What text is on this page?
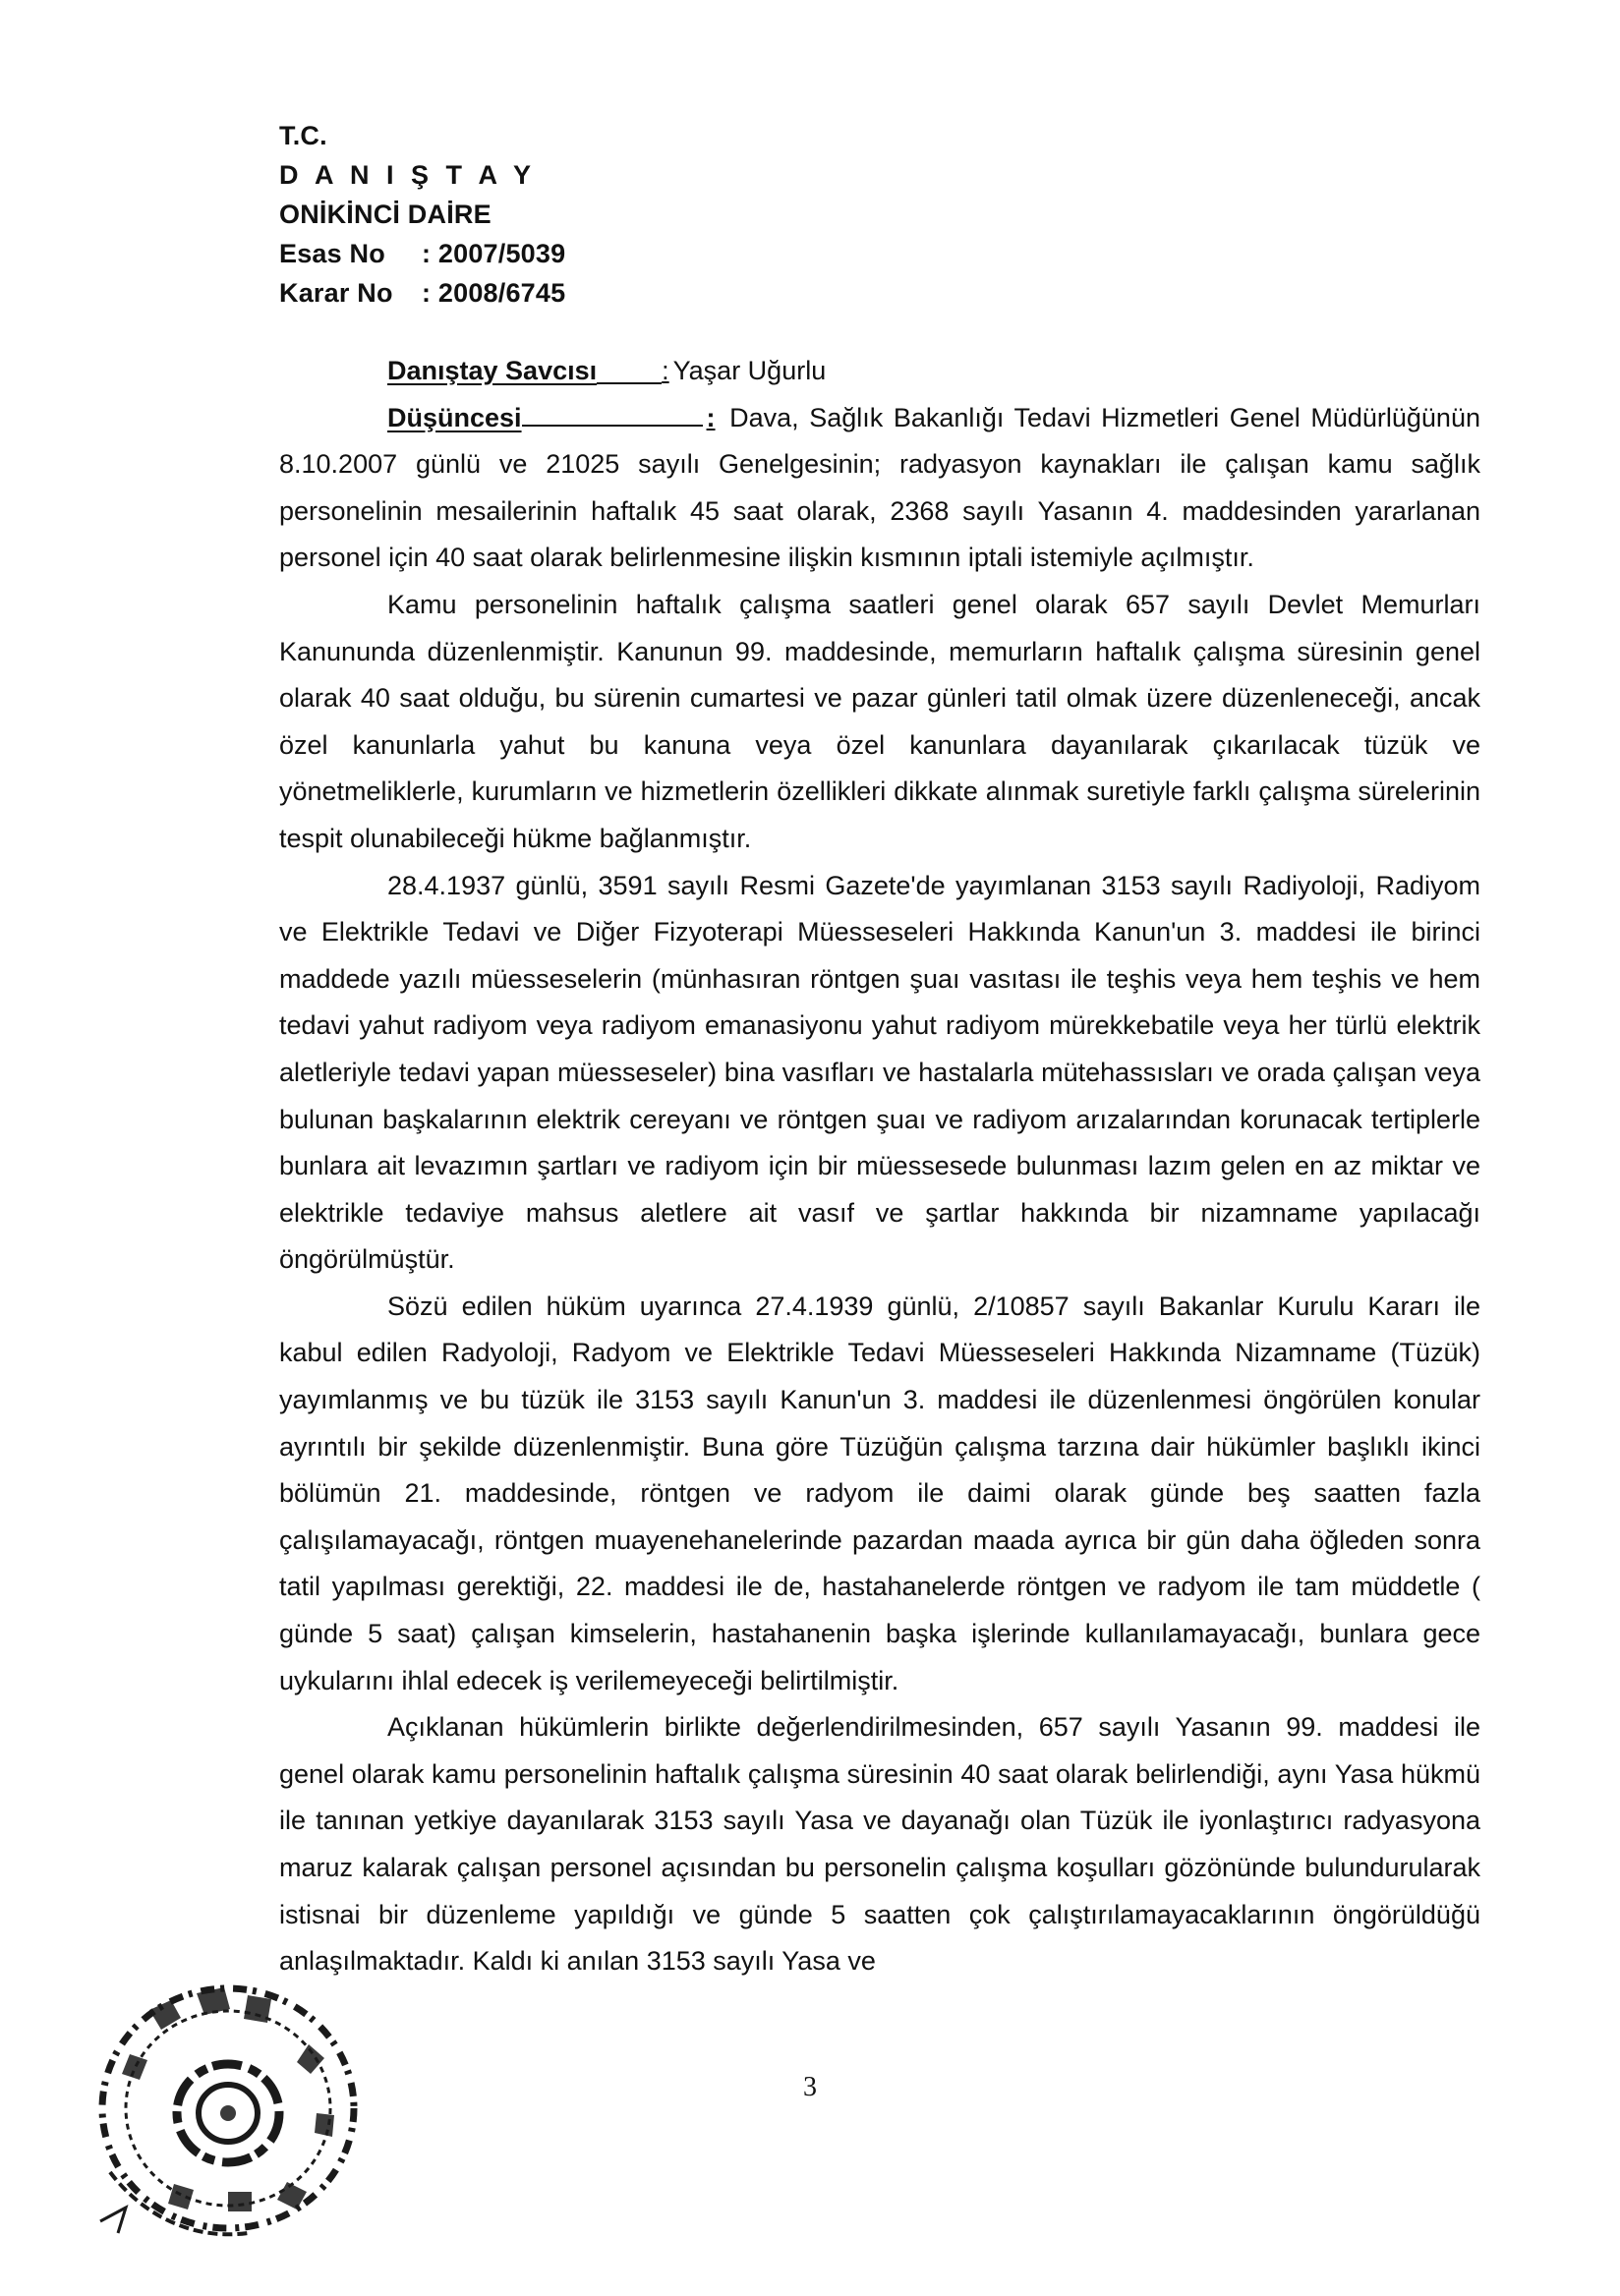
T.C.
D A N I Ş T A Y
ONİKİNCİ DAİRE
Esas No	: 2007/5039
Karar No	: 2008/6745
Danıştay Savcısı : Yaşar Uğurlu

Düşüncesi	: Dava, Sağlık Bakanlığı Tedavi Hizmetleri Genel Müdürlüğünün 8.10.2007 günlü ve 21025 sayılı Genelgesinin; radyasyon kaynakları ile çalışan kamu sağlık personelinin mesailerinin haftalık 45 saat olarak, 2368 sayılı Yasanın 4. maddesinden yararlanan personel için 40 saat olarak belirlenmesine ilişkin kısmının iptali istemiyle açılmıştır.

Kamu personelinin haftalık çalışma saatleri genel olarak 657 sayılı Devlet Memurları Kanununda düzenlenmiştir. Kanunun 99. maddesinde, memurların haftalık çalışma süresinin genel olarak 40 saat olduğu, bu sürenin cumartesi ve pazar günleri tatil olmak üzere düzenleneceği, ancak özel kanunlarla yahut bu kanuna veya özel kanunlara dayanılarak çıkarılacak tüzük ve yönetmeliklerle, kurumların ve hizmetlerin özellikleri dikkate alınmak suretiyle farklı çalışma sürelerinin tespit olunabileceği hükme bağlanmıştır.

28.4.1937 günlü, 3591 sayılı Resmi Gazete'de yayımlanan 3153 sayılı Radiyoloji, Radiyom ve Elektrikle Tedavi ve Diğer Fizyoterapi Müesseseleri Hakkında Kanun'un 3. maddesi ile birinci maddede yazılı müesseselerin (münhasıran röntgen şuaı vasıtası ile teşhis veya hem teşhis ve hem tedavi yahut radiyom veya radiyom emanasiyonu yahut radiyom mürekkebatile veya her türlü elektrik aletleriyle tedavi yapan müesseseler) bina vasıfları ve hastalarla mütehassısları ve orada çalışan veya bulunan başkalarının elektrik cereyanı ve röntgen şuaı ve radiyom arızalarından korunacak tertiplerle bunlara ait levazımın şartları ve radiyom için bir müessesede bulunması lazım gelen en az miktar ve elektrikle tedaviye mahsus aletlere ait vasıf ve şartlar hakkında bir nizamname yapılacağı öngörülmüştür.

Sözü edilen hüküm uyarınca 27.4.1939 günlü, 2/10857 sayılı Bakanlar Kurulu Kararı ile kabul edilen Radyoloji, Radyom ve Elektrikle Tedavi Müesseseleri Hakkında Nizamname (Tüzük) yayımlanmış ve bu tüzük ile 3153 sayılı Kanun'un 3. maddesi ile düzenlenmesi öngörülen konular ayrıntılı bir şekilde düzenlenmiştir. Buna göre Tüzüğün çalışma tarzına dair hükümler başlıklı ikinci bölümün 21. maddesinde, röntgen ve radyom ile daimi olarak günde beş saatten fazla çalışılamayacağı, röntgen muayenehanelerinde pazardan maada ayrıca bir gün daha öğleden sonra tatil yapılması gerektiği, 22. maddesi ile de, hastahanelerde röntgen ve radyom ile tam müddetle ( günde 5 saat) çalışan kimselerin, hastahanenin başka işlerinde kullanılamayacağı, bunlara gece uykularını ihlal edecek iş verilemeyeceği belirtilmiştir.

Açıklanan hükümlerin birlikte değerlendirilmesinden, 657 sayılı Yasanın 99. maddesi ile genel olarak kamu personelinin haftalık çalışma süresinin 40 saat olarak belirlendiği, aynı Yasa hükmü ile tanınan yetkiye dayanılarak 3153 sayılı Yasa ve dayanağı olan Tüzük ile iyonlaştırıcı radyasyona maruz kalarak çalışan personel açısından bu personelin çalışma koşulları gözönünde bulundurularak istisnai bir düzenleme yapıldığı ve günde 5 saatten çok çalıştırılamayacaklarının öngörüldüğü anlaşılmaktadır. Kaldı ki anılan 3153 sayılı Yasa ve

3
